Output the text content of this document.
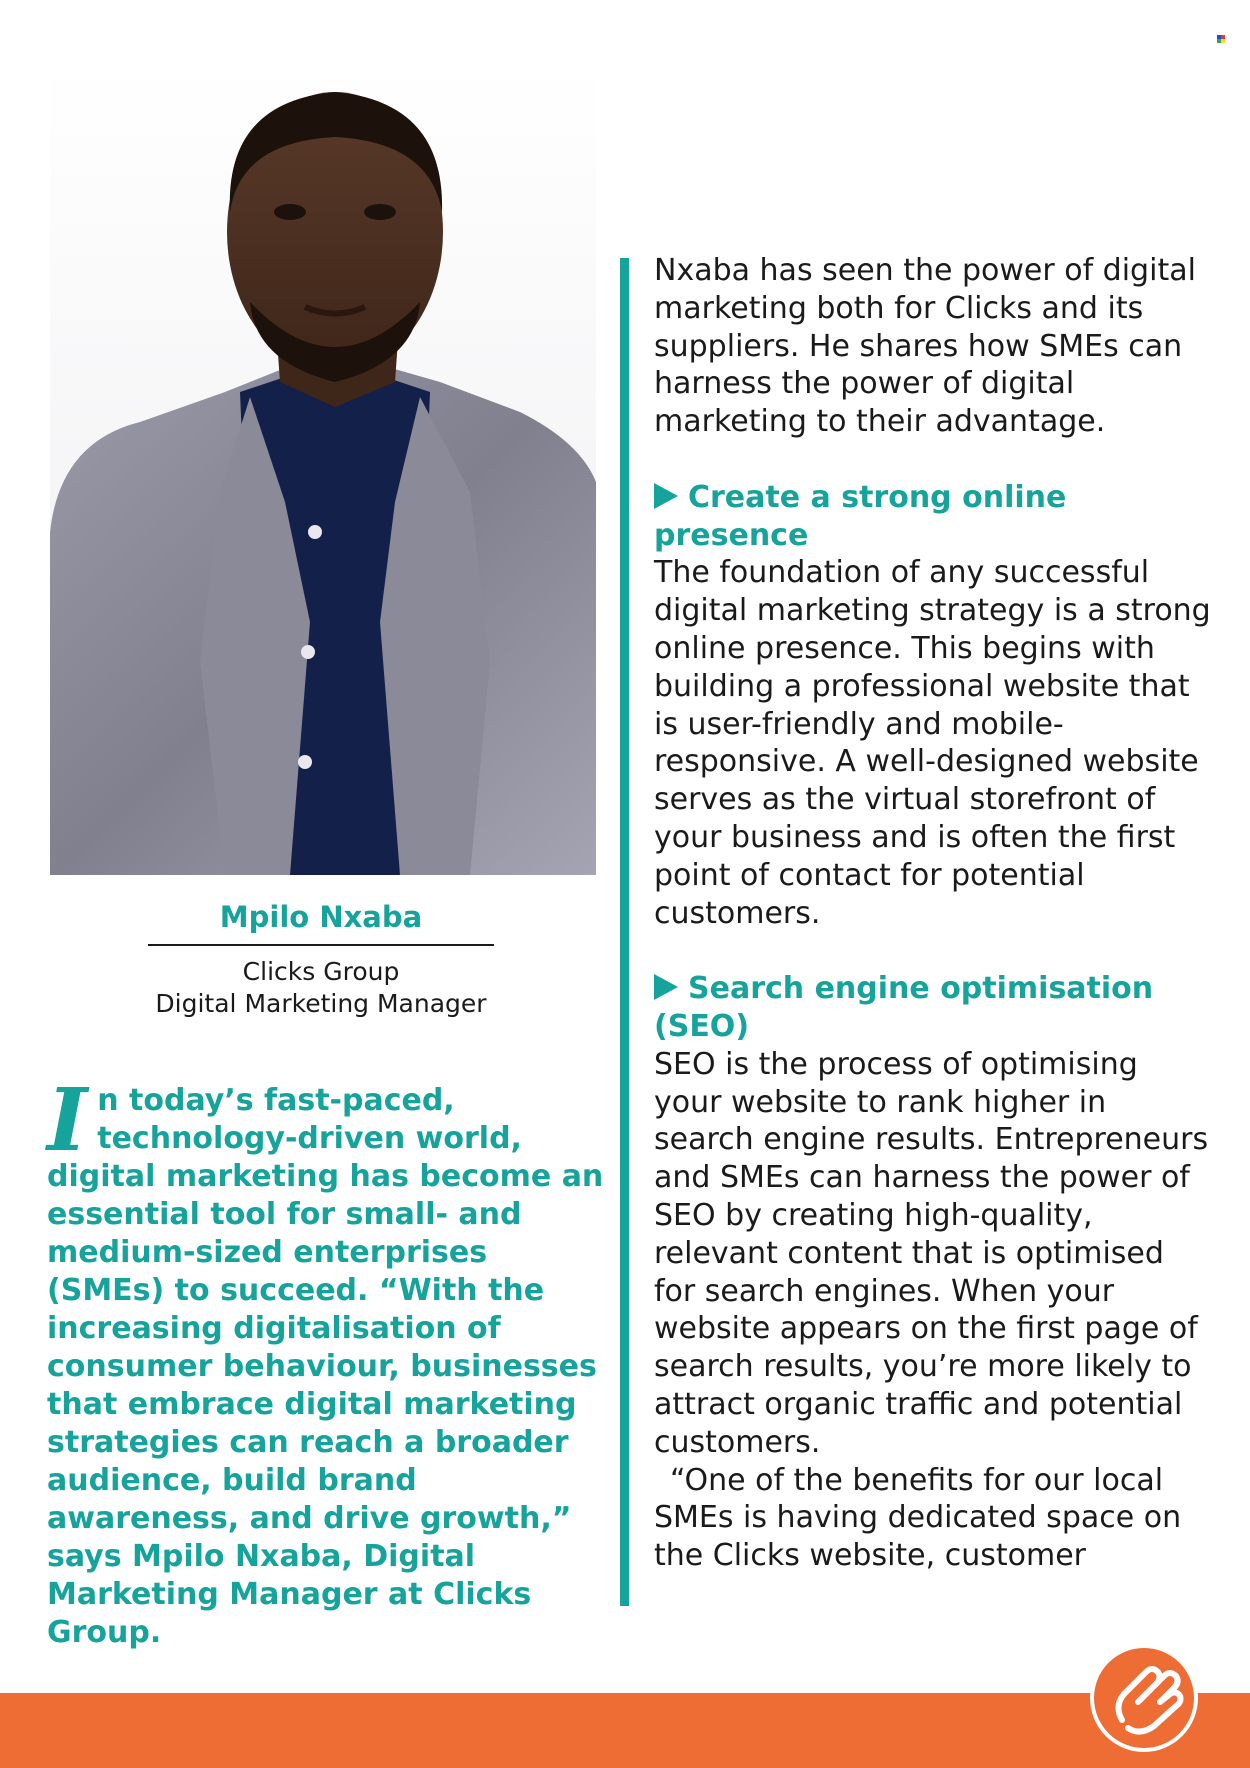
Mpilo Nxaba
Clicks Group
Digital Marketing Manager
In today’s fast-paced, technology-driven world, digital marketing has become an essential tool for small- and medium-sized enterprises (SMEs) to succeed. “With the increasing digitalisation of consumer behaviour, businesses that embrace digital marketing strategies can reach a broader audience, build brand awareness, and drive growth,” says Mpilo Nxaba, Digital Marketing Manager at Clicks Group.

Nxaba has seen the power of digital marketing both for Clicks and its suppliers. He shares how SMEs can harness the power of digital marketing to their advantage.

Create a strong online presence

The foundation of any successful digital marketing strategy is a strong online presence. This begins with building a professional website that is user-friendly and mobile-responsive. A well-designed website serves as the virtual storefront of your business and is often the first point of contact for potential customers.

Search engine optimisation (SEO)

SEO is the process of optimising your website to rank higher in search engine results. Entrepreneurs and SMEs can harness the power of SEO by creating high-quality, relevant content that is optimised for search engines. When your website appears on the first page of search results, you’re more likely to attract organic traffic and potential customers.

“One of the benefits for our local SMEs is having dedicated space on the Clicks website, customer
